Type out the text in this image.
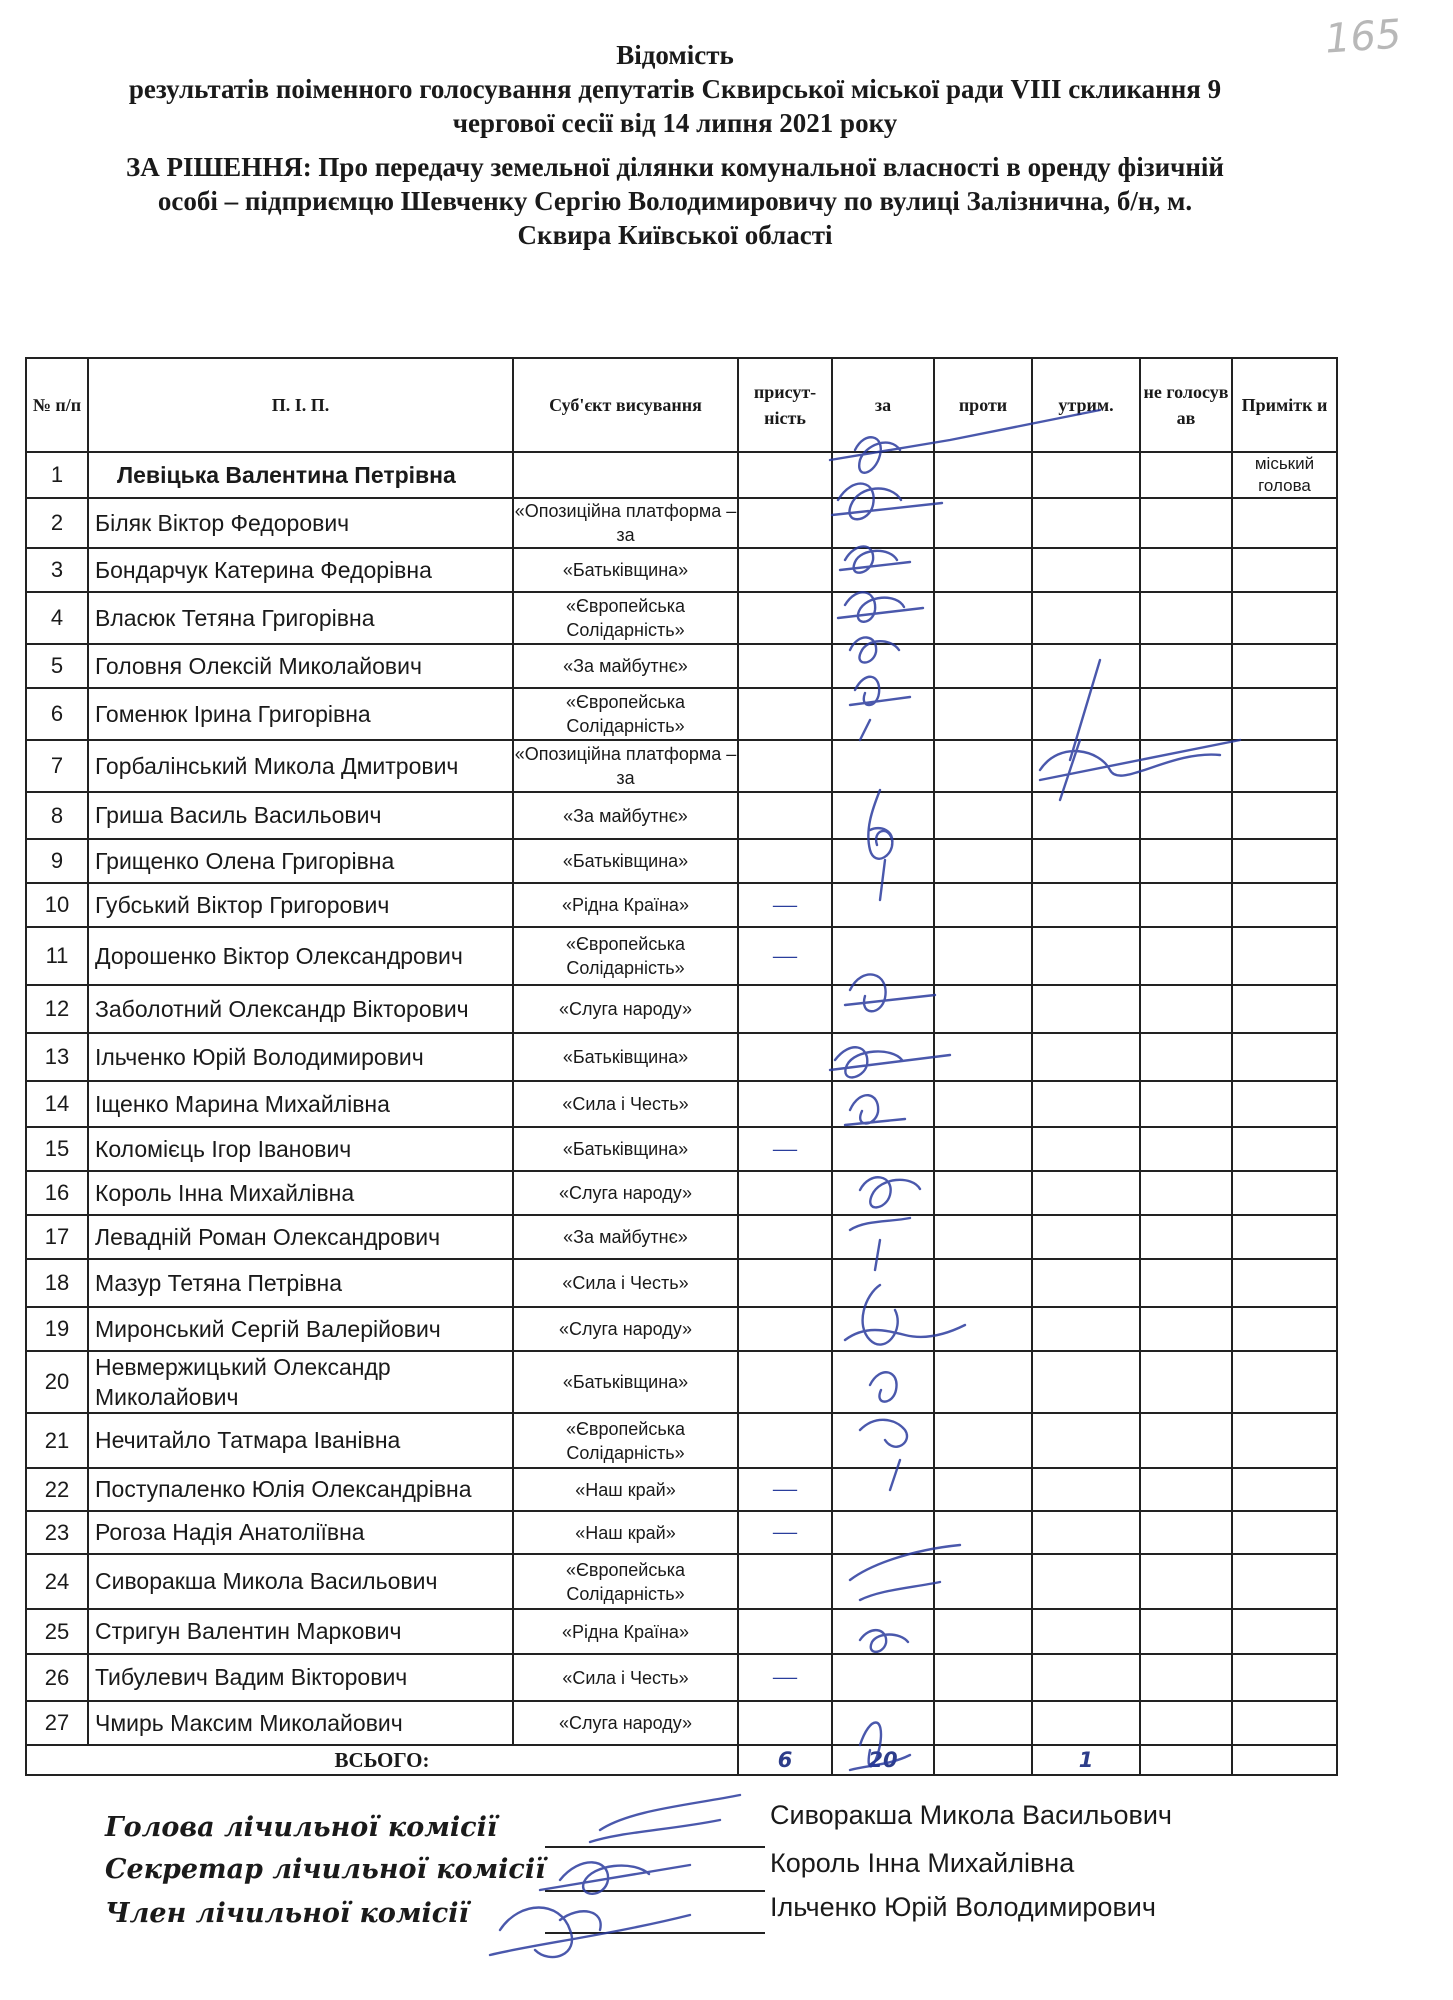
165
Відомість
результатів поіменного голосування депутатів Сквирської міської ради VIII скликання 9
чергової сесії від 14 липня 2021 року
ЗА РІШЕННЯ: Про передачу земельної ділянки комунальної власності в оренду фізичній
особі – підприємцю Шевченку Сергію Володимировичу по вулиці Залізнична, б/н, м.
Сквира Київської області
№ п/п	П. І. П.	Суб'єкт висування	присут-ність	за	проти	утрим.	не голосув ав	Примітк и
1	Левіцька Валентина Петрівна							міський голова
2	Біляк Віктор Федорович	«Опозиційна платформа – за						
3	Бондарчук Катерина Федорівна	«Батьківщина»						
4	Власюк Тетяна Григорівна	«Європейська Солідарність»						
5	Головня Олексій Миколайович	«За майбутнє»						
6	Гоменюк Ірина Григорівна	«Європейська Солідарність»						
7	Горбалінський Микола Дмитрович	«Опозиційна платформа – за						
8	Гриша Василь Васильович	«За майбутнє»						
9	Грищенко Олена Григорівна	«Батьківщина»						
10	Губський Віктор Григорович	«Рідна Країна»	—					
11	Дорошенко Віктор Олександрович	«Європейська Солідарність»	—					
12	Заболотний Олександр Вікторович	«Слуга народу»						
13	Ільченко Юрій Володимирович	«Батьківщина»						
14	Іщенко Марина Михайлівна	«Сила і Честь»						
15	Коломієць Ігор Іванович	«Батьківщина»	—					
16	Король Інна Михайлівна	«Слуга народу»						
17	Левадній Роман Олександрович	«За майбутнє»						
18	Мазур Тетяна Петрівна	«Сила і Честь»						
19	Миронський Сергій Валерійович	«Слуга народу»						
20	Невмержицький Олександр Миколайович	«Батьківщина»						
21	Нечитайло Татмара Іванівна	«Європейська Солідарність»						
22	Поступаленко Юлія Олександрівна	«Наш край»	—					
23	Рогоза Надія Анатоліївна	«Наш край»	—					
24	Сиворакша Микола Васильович	«Європейська Солідарність»						
25	Стригун Валентин Маркович	«Рідна Країна»						
26	Тибулевич Вадим Вікторович	«Сила і Честь»	—					
27	Чмирь Максим Миколайович	«Слуга народу»						
ВСЬОГО:			6	20		1		
Голова лічильної комісії	Сиворакша Микола Васильович
Секретар лічильної комісії	Король Інна Михайлівна
Член лічильної комісії	Ільченко Юрій Володимирович
